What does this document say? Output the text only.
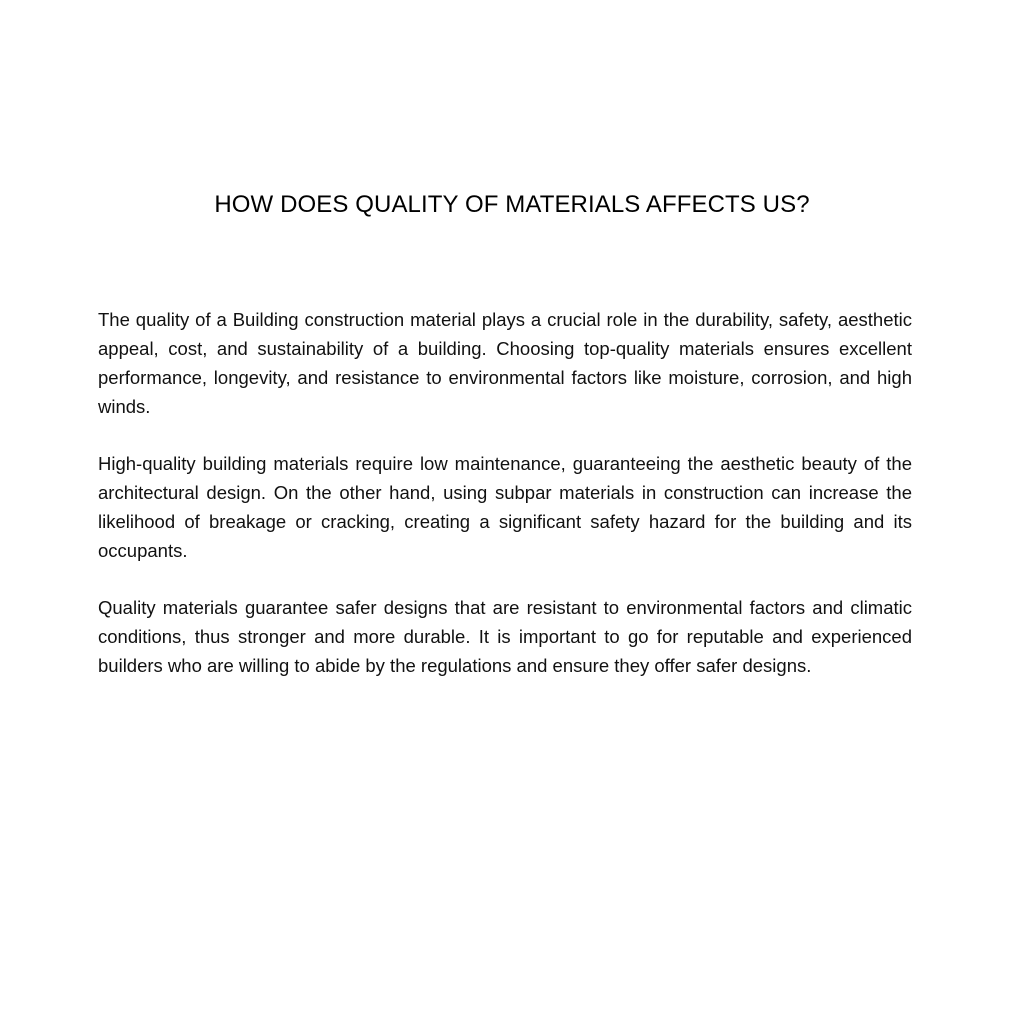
HOW DOES QUALITY OF MATERIALS AFFECTS US?

The quality of a Building construction material plays a crucial role in the durability, safety, aesthetic appeal, cost, and sustainability of a building. Choosing top-quality materials ensures excellent performance, longevity, and resistance to environmental factors like moisture, corrosion, and high winds.

High-quality building materials require low maintenance, guaranteeing the aesthetic beauty of the architectural design. On the other hand, using subpar materials in construction can increase the likelihood of breakage or cracking, creating a significant safety hazard for the building and its occupants.

Quality materials guarantee safer designs that are resistant to environmental factors and climatic conditions, thus stronger and more durable. It is important to go for reputable and experienced builders who are willing to abide by the regulations and ensure they offer safer designs.
